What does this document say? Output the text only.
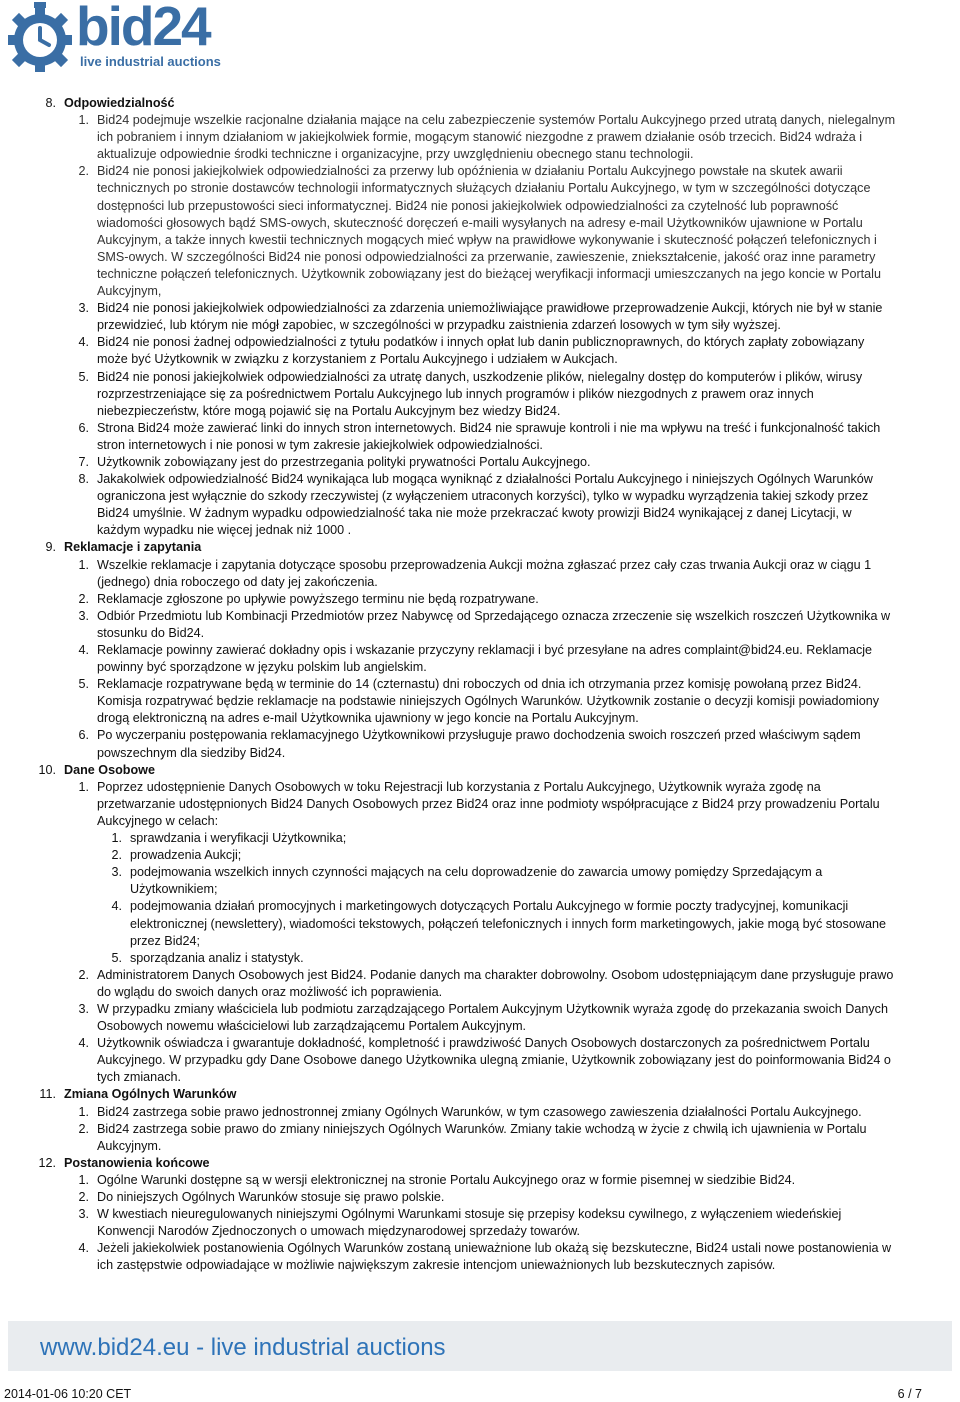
bid24
live industrial auctions
8. Odpowiedzialność
1. Bid24 podejmuje wszelkie racjonalne działania mające na celu zabezpieczenie systemów Portalu Aukcyjnego przed utratą danych, nielegalnym ich pobraniem i innym działaniom w jakiejkolwiek formie, mogącym stanowić niezgodne z prawem działanie osób trzecich. Bid24 wdraża i aktualizuje odpowiednie środki techniczne i organizacyjne, przy uwzględnieniu obecnego stanu technologii.
2. Bid24 nie ponosi jakiejkolwiek odpowiedzialności za przerwy lub opóźnienia w działaniu Portalu Aukcyjnego powstałe na skutek awarii technicznych po stronie dostawców technologii informatycznych służących działaniu Portalu Aukcyjnego, w tym w szczególności dotyczące dostępności lub przepustowości sieci informatycznej. Bid24 nie ponosi jakiejkolwiek odpowiedzialności za czytelność lub poprawność wiadomości głosowych bądź SMS-owych, skuteczność doręczeń e-maili wysyłanych na adresy e-mail Użytkowników ujawnione w Portalu Aukcyjnym, a także innych kwestii technicznych mogących mieć wpływ na prawidłowe wykonywanie i skuteczność połączeń telefonicznych i SMS-owych. W szczególności Bid24 nie ponosi odpowiedzialności za przerwanie, zawieszenie, zniekształcenie, jakość oraz inne parametry techniczne połączeń telefonicznych. Użytkownik zobowiązany jest do bieżącej weryfikacji informacji umieszczanych na jego koncie w Portalu Aukcyjnym,
3. Bid24 nie ponosi jakiejkolwiek odpowiedzialności za zdarzenia uniemożliwiające prawidłowe przeprowadzenie Aukcji, których nie był w stanie przewidzieć, lub którym nie mógł zapobiec, w szczególności w przypadku zaistnienia zdarzeń losowych w tym siły wyższej.
4. Bid24 nie ponosi żadnej odpowiedzialności z tytułu podatków i innych opłat lub danin publicznoprawnych, do których zapłaty zobowiązany może być Użytkownik w związku z korzystaniem z Portalu Aukcyjnego i udziałem w Aukcjach.
5. Bid24 nie ponosi jakiejkolwiek odpowiedzialności za utratę danych, uszkodzenie plików, nielegalny dostęp do komputerów i plików, wirusy rozprzestrzeniające się za pośrednictwem Portalu Aukcyjnego lub innych programów i plików niezgodnych z prawem oraz innych niebezpieczeństw, które mogą pojawić się na Portalu Aukcyjnym bez wiedzy Bid24.
6. Strona Bid24 może zawierać linki do innych stron internetowych. Bid24 nie sprawuje kontroli i nie ma wpływu na treść i funkcjonalność takich stron internetowych i nie ponosi w tym zakresie jakiejkolwiek odpowiedzialności.
7. Użytkownik zobowiązany jest do przestrzegania polityki prywatności Portalu Aukcyjnego.
8. Jakakolwiek odpowiedzialność Bid24 wynikająca lub mogąca wyniknąć z działalności Portalu Aukcyjnego i niniejszych Ogólnych Warunków ograniczona jest wyłącznie do szkody rzeczywistej (z wyłączeniem utraconych korzyści), tylko w wypadku wyrządzenia takiej szkody przez Bid24 umyślnie. W żadnym wypadku odpowiedzialność taka nie może przekraczać kwoty prowizji Bid24 wynikającej z danej Licytacji, w każdym wypadku nie więcej jednak niż 1000 .
9. Reklamacje i zapytania
1. Wszelkie reklamacje i zapytania dotyczące sposobu przeprowadzenia Aukcji można zgłaszać przez cały czas trwania Aukcji oraz w ciągu 1 (jednego) dnia roboczego od daty jej zakończenia.
2. Reklamacje zgłoszone po upływie powyższego terminu nie będą rozpatrywane.
3. Odbiór Przedmiotu lub Kombinacji Przedmiotów przez Nabywcę od Sprzedającego oznacza zrzeczenie się wszelkich roszczeń Użytkownika w stosunku do Bid24.
4. Reklamacje powinny zawierać dokładny opis i wskazanie przyczyny reklamacji i być przesyłane na adres complaint@bid24.eu. Reklamacje powinny być sporządzone w języku polskim lub angielskim.
5. Reklamacje rozpatrywane będą w terminie do 14 (czternastu) dni roboczych od dnia ich otrzymania przez komisję powołaną przez Bid24. Komisja rozpatrywać będzie reklamacje na podstawie niniejszych Ogólnych Warunków. Użytkownik zostanie o decyzji komisji powiadomiony drogą elektroniczną na adres e-mail Użytkownika ujawniony w jego koncie na Portalu Aukcyjnym.
6. Po wyczerpaniu postępowania reklamacyjnego Użytkownikowi przysługuje prawo dochodzenia swoich roszczeń przed właściwym sądem powszechnym dla siedziby Bid24.
10. Dane Osobowe
1. Poprzez udostępnienie Danych Osobowych w toku Rejestracji lub korzystania z Portalu Aukcyjnego, Użytkownik wyraża zgodę na przetwarzanie udostępnionych Bid24 Danych Osobowych przez Bid24 oraz inne podmioty współpracujące z Bid24 przy prowadzeniu Portalu Aukcyjnego w celach:
1. sprawdzania i weryfikacji Użytkownika;
2. prowadzenia Aukcji;
3. podejmowania wszelkich innych czynności mających na celu doprowadzenie do zawarcia umowy pomiędzy Sprzedającym a Użytkownikiem;
4. podejmowania działań promocyjnych i marketingowych dotyczących Portalu Aukcyjnego w formie poczty tradycyjnej, komunikacji elektronicznej (newslettery), wiadomości tekstowych, połączeń telefonicznych i innych form marketingowych, jakie mogą być stosowane przez Bid24;
5. sporządzania analiz i statystyk.
2. Administratorem Danych Osobowych jest Bid24. Podanie danych ma charakter dobrowolny. Osobom udostępniającym dane przysługuje prawo do wglądu do swoich danych oraz możliwość ich poprawienia.
3. W przypadku zmiany właściciela lub podmiotu zarządzającego Portalem Aukcyjnym Użytkownik wyraża zgodę do przekazania swoich Danych Osobowych nowemu właścicielowi lub zarządzającemu Portalem Aukcyjnym.
4. Użytkownik oświadcza i gwarantuje dokładność, kompletność i prawdziwość Danych Osobowych dostarczonych za pośrednictwem Portalu Aukcyjnego. W przypadku gdy Dane Osobowe danego Użytkownika ulegną zmianie, Użytkownik zobowiązany jest do poinformowania Bid24 o tych zmianach.
11. Zmiana Ogólnych Warunków
1. Bid24 zastrzega sobie prawo jednostronnej zmiany Ogólnych Warunków, w tym czasowego zawieszenia działalności Portalu Aukcyjnego.
2. Bid24 zastrzega sobie prawo do zmiany niniejszych Ogólnych Warunków. Zmiany takie wchodzą w życie z chwilą ich ujawnienia w Portalu Aukcyjnym.
12. Postanowienia końcowe
1. Ogólne Warunki dostępne są w wersji elektronicznej na stronie Portalu Aukcyjnego oraz w formie pisemnej w siedzibie Bid24.
2. Do niniejszych Ogólnych Warunków stosuje się prawo polskie.
3. W kwestiach nieuregulowanych niniejszymi Ogólnymi Warunkami stosuje się przepisy kodeksu cywilnego, z wyłączeniem wiedeńskiej Konwencji Narodów Zjednoczonych o umowach międzynarodowej sprzedaży towarów.
4. Jeżeli jakiekolwiek postanowienia Ogólnych Warunków zostaną unieważnione lub okażą się bezskuteczne, Bid24 ustali nowe postanowienia w ich zastępstwie odpowiadające w możliwie największym zakresie intencjom unieważnionych lub bezskutecznych zapisów.
www.bid24.eu - live industrial auctions
2014-01-06 10:20 CET	6 / 7
